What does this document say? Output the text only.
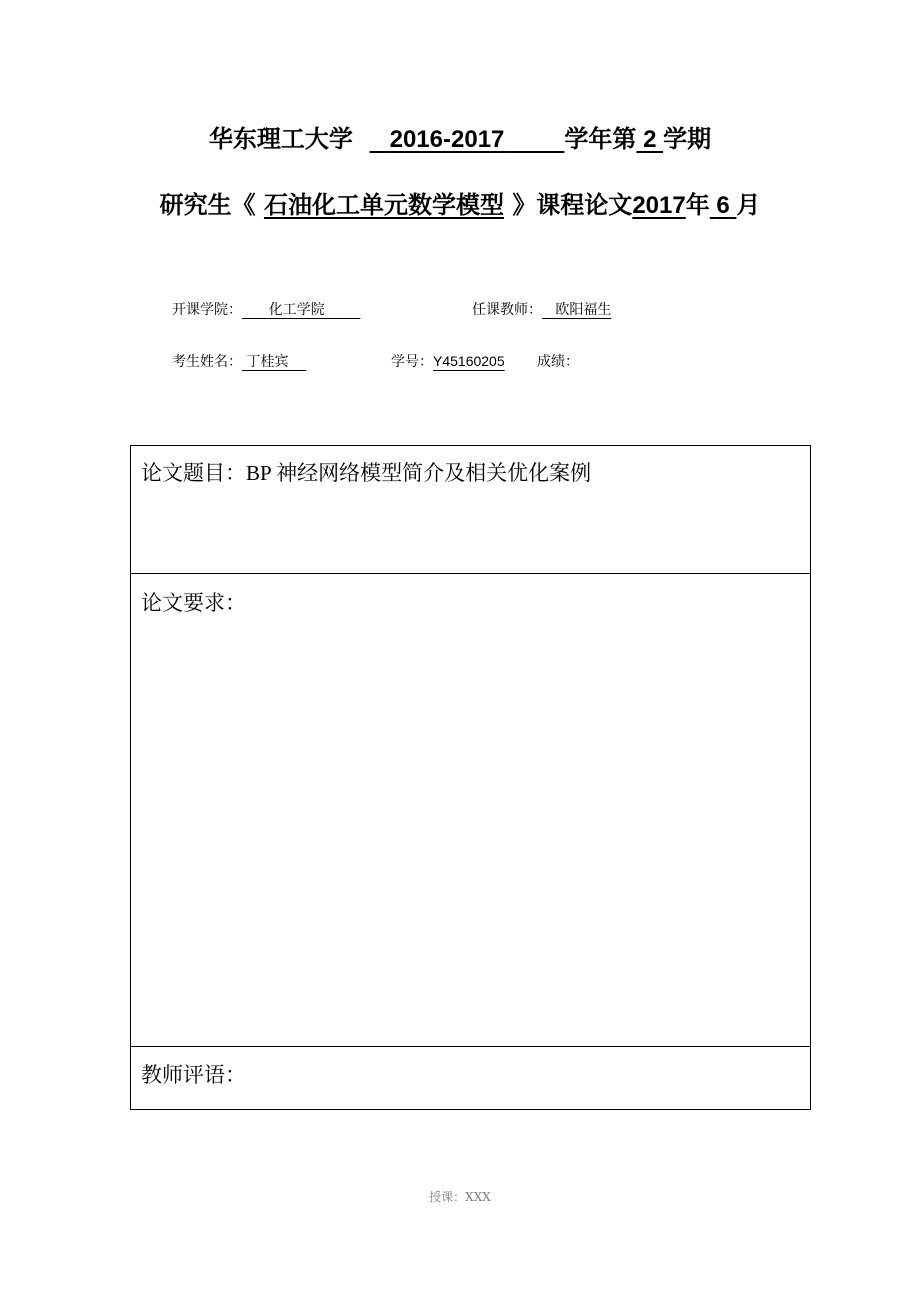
华东理工大学 2016-2017	学年第 2 学期
研究生《 石油化工单元数学模型 》课程论文2017年 6 月
开课学院： 化工学院	任课教师： 欧阳福生
考生姓名： 丁桂宾	学号：Y45160205 成绩：
论文题目：BP 神经网络模型简介及相关优化案例
论文要求：
教师评语：
授课：XXX
